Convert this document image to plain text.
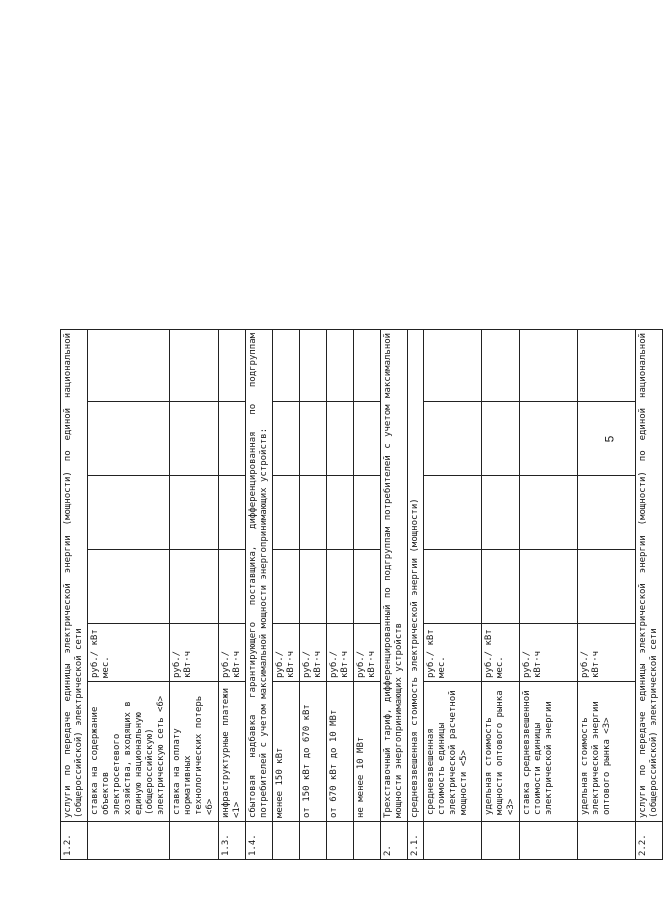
1.2.	услуги по передаче единицы электрической энергии (мощности) по единой национальной (общероссийской) электрической сети					
	ставка на содержание объектов электросетевого хозяйства, входящих в единую национальную (общероссийскую) электрическую сеть <6>	руб./ кВт мес.				
	ставка на оплату нормативных технологических потерь <6>	руб./кВт·ч				
1.3.	инфраструктурные платежи <1>	руб./кВт·ч				
1.4.	сбытовая надбавка гарантирующего поставщика, дифференцированная по подгруппам потребителей с учетом максимальной мощности энергопринимающих устройств:					
	менее 150 кВт	руб./кВт·ч				
	от 150 кВт до 670 кВт	руб./кВт·ч				
	от 670 кВт до 10 МВт	руб./кВт·ч				
	не менее 10 МВт	руб./кВт·ч				
2.	Трехставочный тариф, дифференцированный по подгруппам потребителей с учетом максимальной мощности энергопринимающих устройств					
2.1.	средневзвешенная стоимость электрической энергии (мощности)					
	средневзвешенная стоимость единицы электрической расчетной мощности <5>	руб./ кВт мес.				
	удельная стоимость мощности оптового рынка <3>	руб./ кВт мес.				
	ставка средневзвешенной стоимости единицы электрической энергии	руб./кВт·ч				
	удельная стоимость электрической энергии оптового рынка <3>	руб./кВт·ч				
2.2.	услуги по передаче единицы электрической энергии (мощности) по единой национальной (общероссийской) электрической сети					
5
